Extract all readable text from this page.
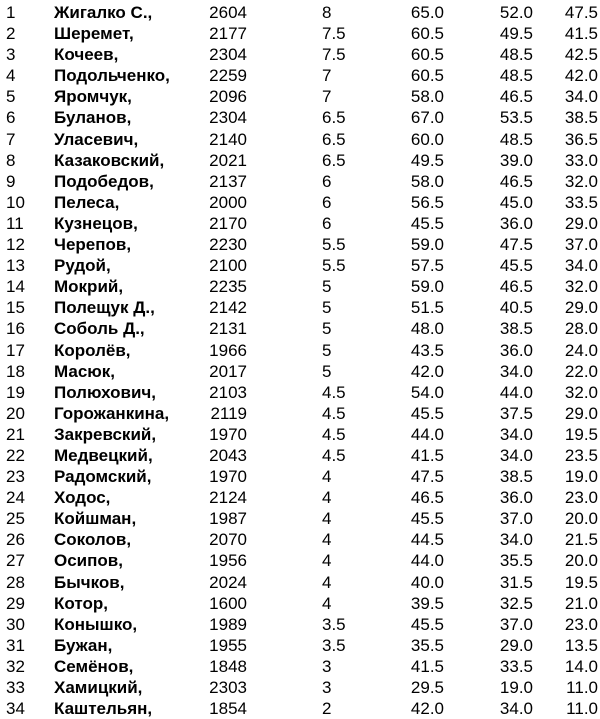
1 Жигалко С.,	2604	8	65.0	52.0	47.5
2 Шеремет,	2177	7.5	60.5	49.5	41.5
3 Кочеев,	2304	7.5	60.5	48.5	42.5
4 Подольченко,	2259	7	60.5	48.5	42.0
5 Яромчук,	2096	7	58.0	46.5	34.0
6 Буланов,	2304	6.5	67.0	53.5	38.5
7 Уласевич,	2140	6.5	60.0	48.5	36.5
8 Казаковский,	2021	6.5	49.5	39.0	33.0
9 Подобедов,	2137	6	58.0	46.5	32.0
10 Пелеса,	2000	6	56.5	45.0	33.5
11 Кузнецов,	2170	6	45.5	36.0	29.0
12 Черепов,	2230	5.5	59.0	47.5	37.0
13 Рудой,	2100	5.5	57.5	45.5	34.0
14 Мокрий,	2235	5	59.0	46.5	32.0
15 Полещук Д.,	2142	5	51.5	40.5	29.0
16 Соболь Д.,	2131	5	48.0	38.5	28.0
17 Королёв,	1966	5	43.5	36.0	24.0
18 Масюк,	2017	5	42.0	34.0	22.0
19 Полюхович,	2103	4.5	54.0	44.0	32.0
20 Горожанкина,	2119	4.5	45.5	37.5	29.0
21 Закревский,	1970	4.5	44.0	34.0	19.5
22 Медвецкий,	2043	4.5	41.5	34.0	23.5
23 Радомский,	1970	4	47.5	38.5	19.0
24 Ходос,	2124	4	46.5	36.0	23.0
25 Койшман,	1987	4	45.5	37.0	20.0
26 Соколов,	2070	4	44.5	34.0	21.5
27 Осипов,	1956	4	44.0	35.5	20.0
28 Бычков,	2024	4	40.0	31.5	19.5
29 Котор,	1600	4	39.5	32.5	21.0
30 Конышко,	1989	3.5	45.5	37.0	23.0
31 Бужан,	1955	3.5	35.5	29.0	13.5
32 Семёнов,	1848	3	41.5	33.5	14.0
33 Хамицкий,	2303	3	29.5	19.0	11.0
34 Каштельян,	1854	2	42.0	34.0	11.0
